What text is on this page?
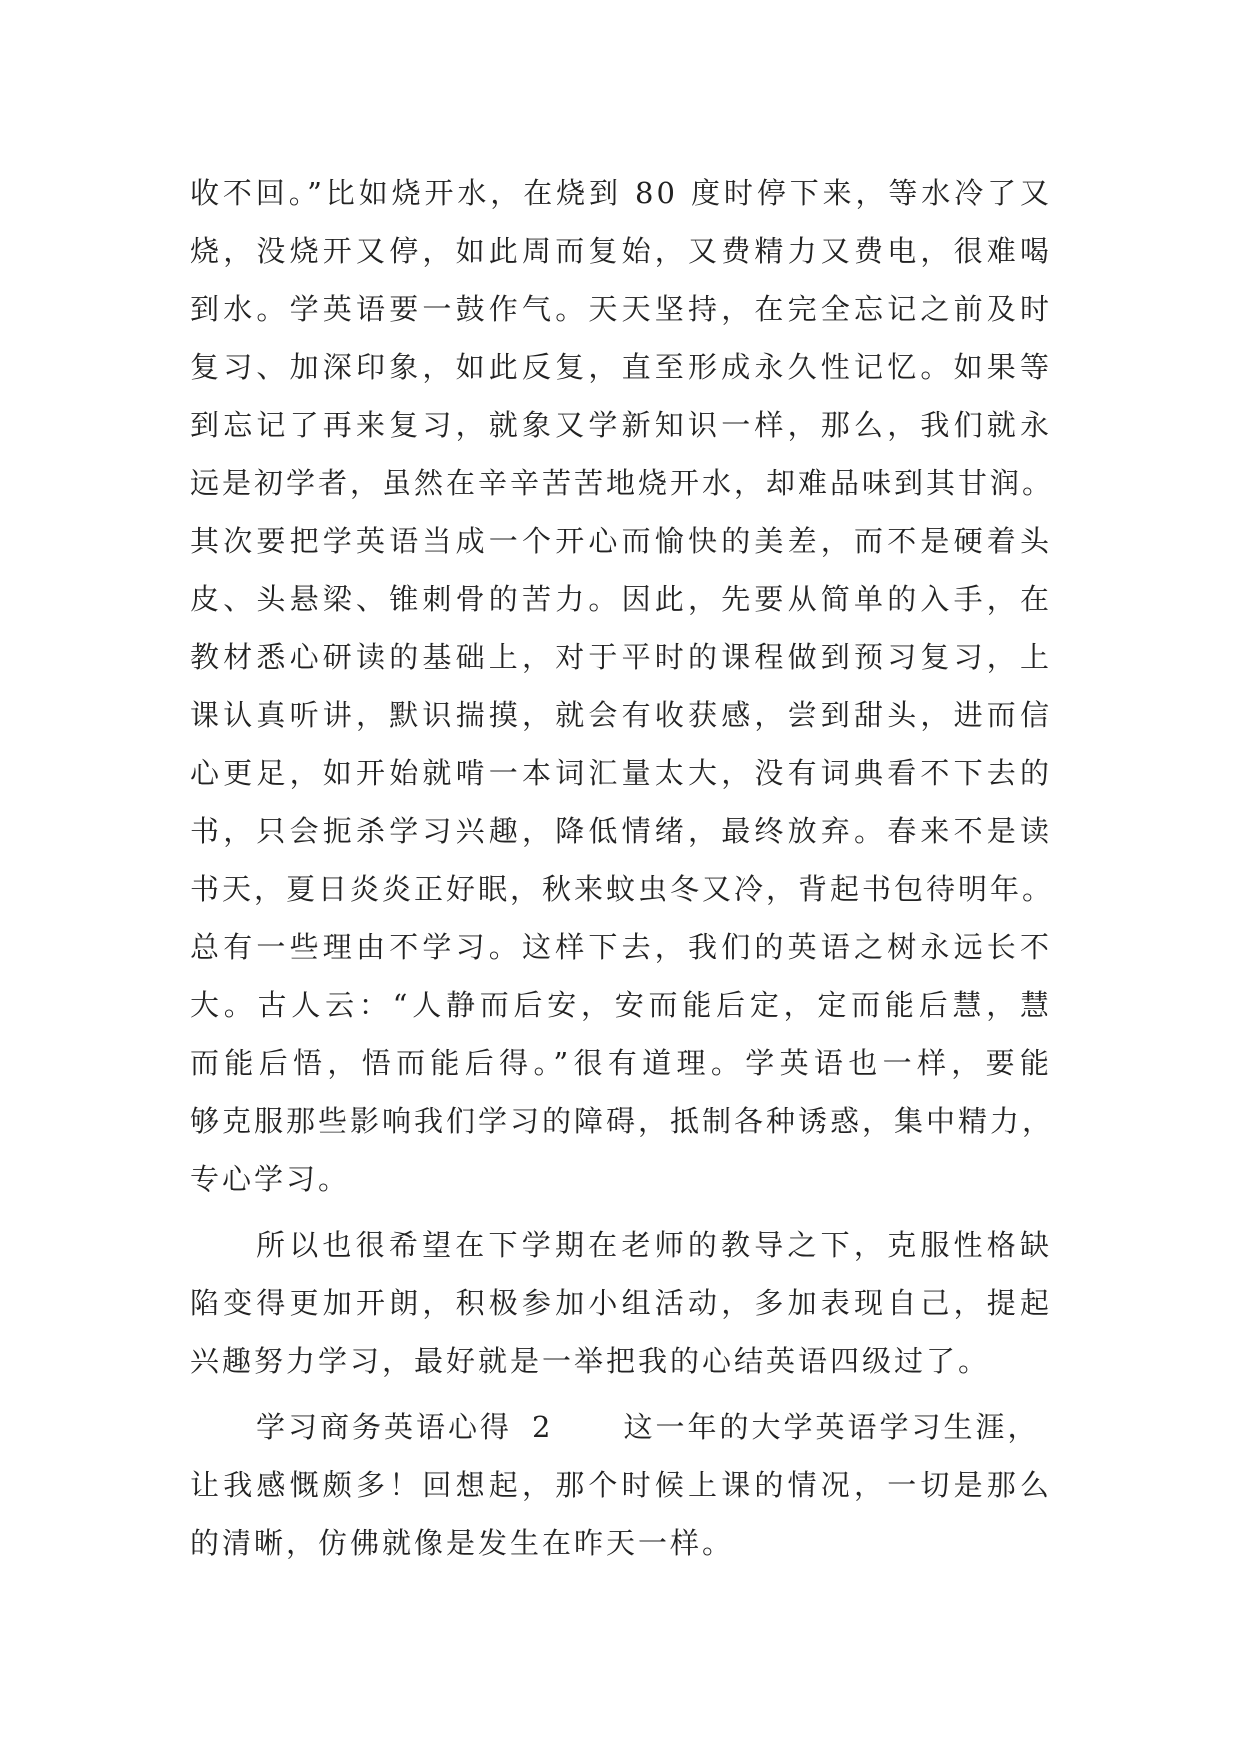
收不回。”比如烧开水，在烧到 80 度时停下来，等水冷了又
烧，没烧开又停，如此周而复始，又费精力又费电，很难喝
到水。学英语要一鼓作气。天天坚持，在完全忘记之前及时
复习、加深印象，如此反复，直至形成永久性记忆。如果等
到忘记了再来复习，就象又学新知识一样，那么，我们就永
远是初学者，虽然在辛辛苦苦地烧开水，却难品味到其甘润。
其次要把学英语当成一个开心而愉快的美差，而不是硬着头
皮、头悬梁、锥刺骨的苦力。因此，先要从简单的入手，在
教材悉心研读的基础上，对于平时的课程做到预习复习，上
课认真听讲，默识揣摸，就会有收获感，尝到甜头，进而信
心更足，如开始就啃一本词汇量太大，没有词典看不下去的
书，只会扼杀学习兴趣，降低情绪，最终放弃。春来不是读
书天，夏日炎炎正好眠，秋来蚊虫冬又冷，背起书包待明年。
总有一些理由不学习。这样下去，我们的英语之树永远长不
大。古人云：“人静而后安，安而能后定，定而能后慧，慧
而能后悟，悟而能后得。”很有道理。学英语也一样，要能
够克服那些影响我们学习的障碍，抵制各种诱惑，集中精力，
专心学习。
所以也很希望在下学期在老师的教导之下，克服性格缺
陷变得更加开朗，积极参加小组活动，多加表现自己，提起
兴趣努力学习，最好就是一举把我的心结英语四级过了。
学习商务英语心得 2 这一年的大学英语学习生涯，
让我感慨颇多！回想起，那个时候上课的情况，一切是那么
的清晰，仿佛就像是发生在昨天一样。
